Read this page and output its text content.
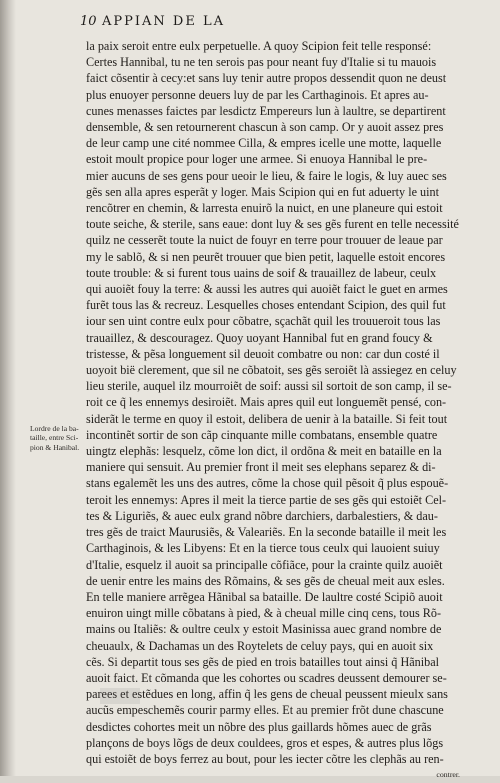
10 APPIAN DE LA
Lordre de la ba-
taille, entre Sci-
pion & Hanibal.
la paix seroit entre eulx perpetuelle. A quoy Scipion feit telle responsé:
Certes Hannibal, tu ne ten serois pas pour neant fuy d'Italie si tu mauois
faict cõsentir à cecy:et sans luy tenir autre propos dessendit quon ne deust
plus enuoyer personne deuers luy de par les Carthaginois. Et apres au-
cunes menasses faictes par lesdictz Empereurs lun à laultre, se departirent
densemble, & sen retournerent chascun à son camp. Or y auoit assez pres
de leur camp une cité nommee Cilla, & empres icelle une motte, laquelle
estoit moult propice pour loger une armee. Si enuoya Hannibal le pre-
mier aucuns de ses gens pour ueoir le lieu, & faire le logis, & luy auec ses
gẽs sen alla apres esperãt y loger. Mais Scipion qui en fut aduerty le uint
rencõtrer en chemin, & larresta enuirõ la nuict, en une planeure qui estoit
toute seiche, & sterile, sans eaue: dont luy & ses gẽs furent en telle necessité
quilz ne cesserẽt toute la nuict de fouyr en terre pour trouuer de leaue par
my le sablõ, & si nen peurẽt trouuer que bien petit, laquelle estoit encores
toute trouble: & si furent tous uains de soif & trauaillez de labeur, ceulx
qui auoiẽt fouy la terre: & aussi les autres qui auoiẽt faict le guet en armes
furẽt tous las & recreuz. Lesquelles choses entendant Scipion, des quil fut
iour sen uint contre eulx pour cõbatre, sçachãt quil les trouueroit tous las
trauaillez, & descouragez. Quoy uoyant Hannibal fut en grand foucy &
tristesse, & pẽsa longuement sil deuoit combatre ou non: car dun costé il
uoyoit bië clerement, que sil ne cõbatoit, ses gẽs seroiẽt là assiegez en celuy
lieu sterile, auquel ilz mourroiẽt de soif: aussi sil sortoit de son camp, il se-
roit ce q̃ les ennemys desiroiẽt. Mais apres quil eut longuemẽt pensé, con-
siderãt le terme en quoy il estoit, delibera de uenir à la bataille. Si feit tout
incontinẽt sortir de son cãp cinquante mille combatans, ensemble quatre
uingtz elephãs: lesquelz, cõme lon dict, il ordõna & meit en bataille en la
maniere qui sensuit. Au premier front il meit ses elephans separez & di-
stans egalemẽt les uns des autres, cõme la chose quil pẽsoit q̃ plus espouẽ-
teroit les ennemys: Apres il meit la tierce partie de ses gẽs qui estoiẽt Cel-
tes & Liguriẽs, & auec eulx grand nõbre darchiers, darbalestiers, & dau-
tres gẽs de traict Maurusiẽs, & Valeariẽs. En la seconde bataille il meit les
Carthaginois, & les Libyens: Et en la tierce tous ceulx qui lauoient suiuy
d'Italie, esquelz il auoit sa principalle cõfiãce, pour la crainte quilz auoiẽt
de uenir entre les mains des Rõmains, & ses gẽs de cheual meit aux esles.
En telle maniere arrẽgea Hãnibal sa bataille. De laultre costé Scipiõ auoit
enuiron uingt mille cõbatans à pied, & à cheual mille cinq cens, tous Rõ-
mains ou Italiẽs: & oultre ceulx y estoit Masinissa auec grand nombre de
cheuaulx, & Dachamas un des Roytelets de celuy pays, qui en auoit six
cẽs. Si departit tous ses gẽs de pied en trois batailles tout ainsi q̃ Hãnibal
auoit faict. Et cõmanda que les cohortes ou scadres deussent demourer se-
parees et estẽdues en long, affin q̃ les gens de cheual peussent mieulx sans
aucũs empeschemẽs courir parmy elles. Et au premier frõt dune chascune
desdictes cohortes meit un nõbre des plus gaillards hõmes auec de grãs
plançons de boys lõgs de deux couldees, gros et espes, & autres plus lõgs
qui estoiẽt de boys ferrez au bout, pour les iecter cõtre les clephãs au ren-
contrer.
